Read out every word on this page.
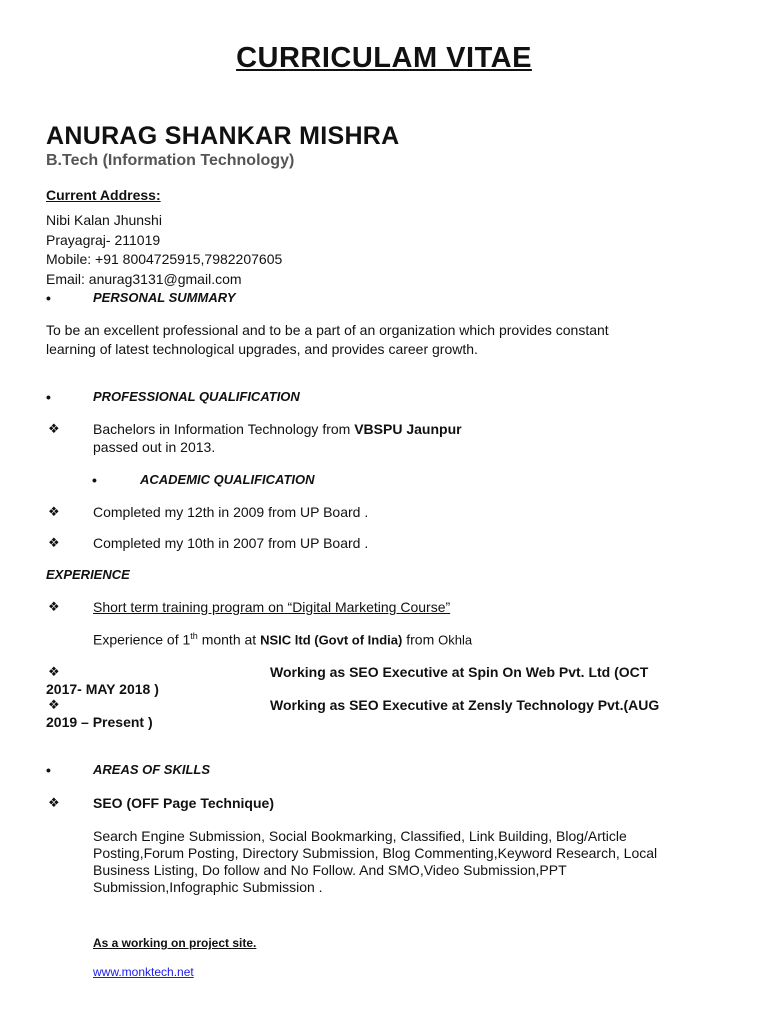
CURRICULAM VITAE
ANURAG SHANKAR MISHRA
B.Tech (Information Technology)
Current Address:
Nibi Kalan Jhunshi
Prayagraj- 211019
Mobile: +91 8004725915,7982207605
Email: anurag3131@gmail.com
•	PERSONAL SUMMARY
To be an excellent professional and to be a part of an organization which provides constant
learning of latest technological upgrades, and provides career growth.
•	PROFESSIONAL QUALIFICATION
❖ Bachelors in Information Technology from VBSPU Jaunpur
passed out in 2013.
•	ACADEMIC QUALIFICATION
❖ Completed my 12th in 2009 from UP Board .
❖ Completed my 10th in 2007 from UP Board .
EXPERIENCE
❖ Short term training program on “Digital Marketing Course”
Experience of 1th month at NSIC ltd (Govt of India) from Okhla
❖	Working as SEO Executive at Spin On Web Pvt. Ltd (OCT
2017- MAY 2018 )
❖	Working as SEO Executive at Zensly Technology Pvt.(AUG
2019 – Present )
•	AREAS OF SKILLS
❖ SEO (OFF Page Technique)
Search Engine Submission, Social Bookmarking, Classified, Link Building, Blog/Article
Posting,Forum Posting, Directory Submission, Blog Commenting,Keyword Research, Local
Business Listing, Do follow and No Follow. And SMO,Video Submission,PPT
Submission,Infographic Submission .
As a working on project site.
www.monktech.net
